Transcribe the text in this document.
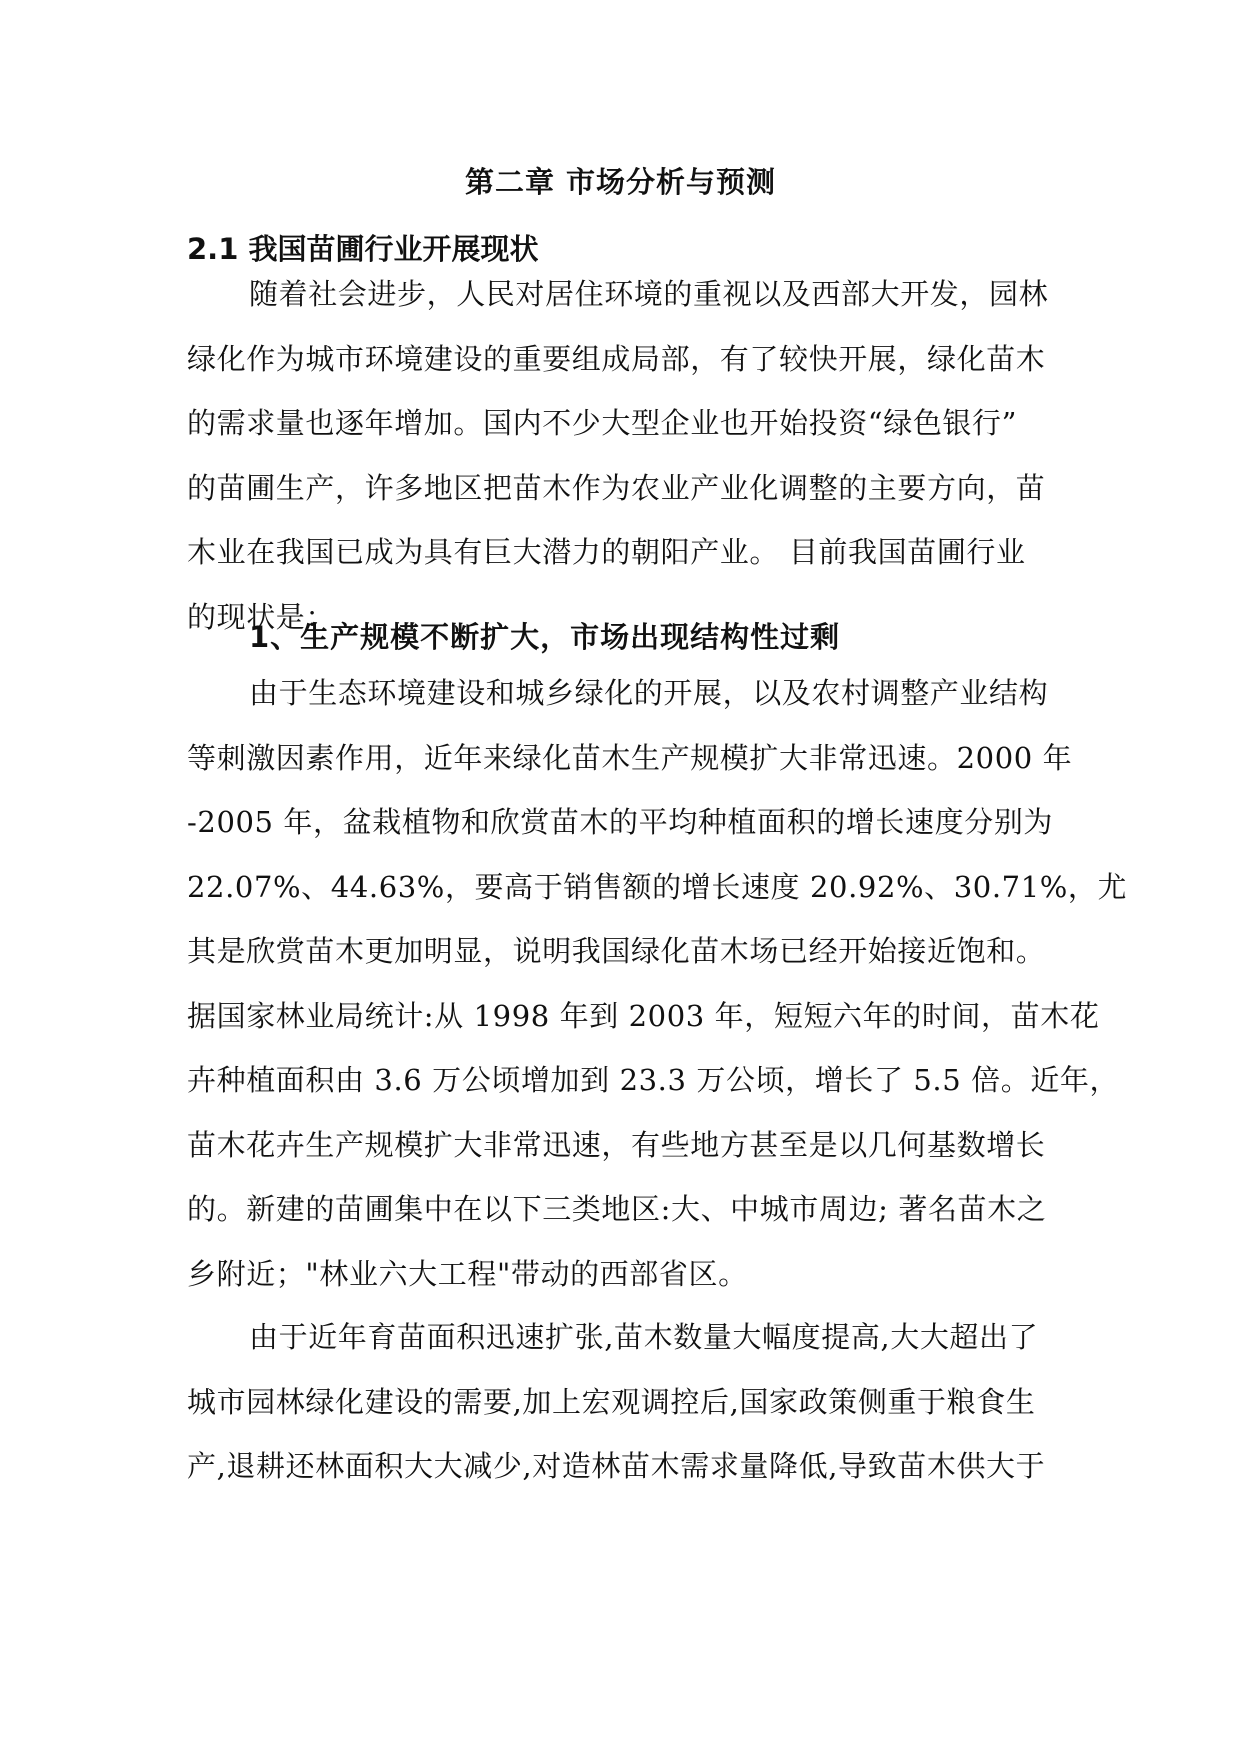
第二章 市场分析与预测
2.1 我国苗圃行业开展现状
随着社会进步，人民对居住环境的重视以及西部大开发，园林
绿化作为城市环境建设的重要组成局部，有了较快开展，绿化苗木
的需求量也逐年增加。国内不少大型企业也开始投资“绿色银行”
的苗圃生产，许多地区把苗木作为农业产业化调整的主要方向，苗
木业在我国已成为具有巨大潜力的朝阳产业。 目前我国苗圃行业
的现状是：
1、生产规模不断扩大，市场出现结构性过剩
由于生态环境建设和城乡绿化的开展，以及农村调整产业结构
等刺激因素作用，近年来绿化苗木生产规模扩大非常迅速。2000 年
-2005 年，盆栽植物和欣赏苗木的平均种植面积的增长速度分别为
22.07%、44.63%，要高于销售额的增长速度 20.92%、30.71%，尤
其是欣赏苗木更加明显，说明我国绿化苗木场已经开始接近饱和。
据国家林业局统计:从 1998 年到 2003 年，短短六年的时间，苗木花
卉种植面积由 3.6 万公顷增加到 23.3 万公顷，增长了 5.5 倍。近年，
苗木花卉生产规模扩大非常迅速，有些地方甚至是以几何基数增长
的。新建的苗圃集中在以下三类地区:大、中城市周边; 著名苗木之
乡附近；"林业六大工程"带动的西部省区。
由于近年育苗面积迅速扩张,苗木数量大幅度提高,大大超出了
城市园林绿化建设的需要,加上宏观调控后,国家政策侧重于粮食生
产,退耕还林面积大大减少,对造林苗木需求量降低,导致苗木供大于
